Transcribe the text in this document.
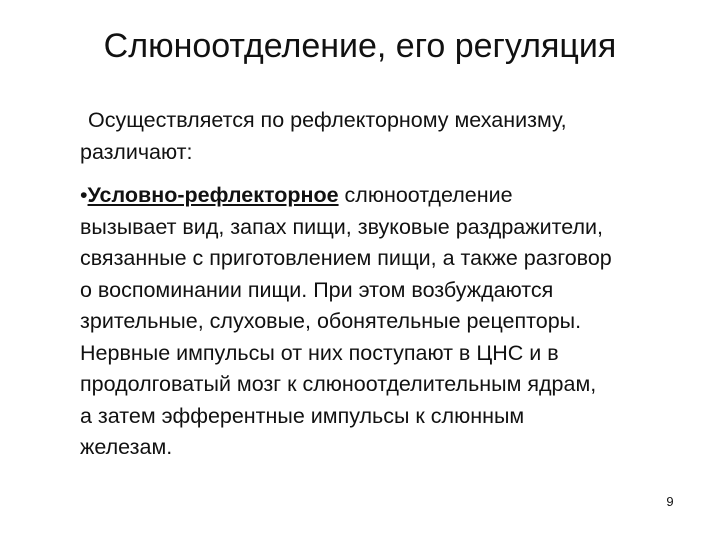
Слюноотделение, его регуляция
Осуществляется по рефлекторному механизму,
различают:
•Условно-рефлекторное слюноотделение
вызывает вид, запах пищи, звуковые раздражители,
связанные с приготовлением пищи, а также разговор
о воспоминании пищи. При этом возбуждаются
зрительные, слуховые, обонятельные рецепторы.
Нервные импульсы от них поступают в ЦНС и в
продолговатый мозг к слюноотделительным ядрам,
а затем эфферентные импульсы к слюнным
железам.
9
